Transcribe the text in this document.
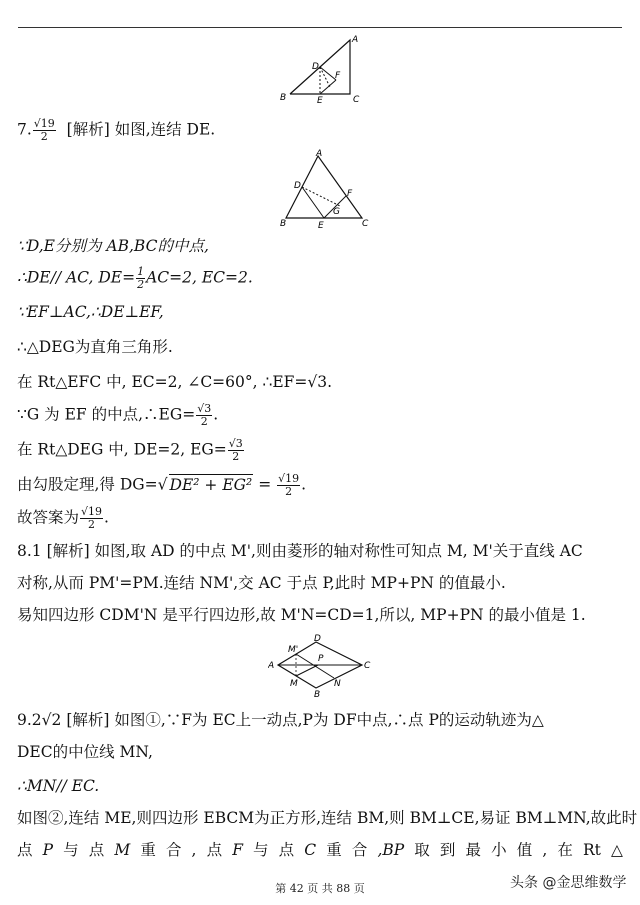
A
B	C
D
E
F
7. $\frac{√19}{2}$ [解析] 如图,连结 DE.
A
B	C
D
E
F
G
∵D,E分别为 AB,BC的中点,
∴DE// AC, $DE= \frac{1}{2} AC=2$, EC=2.
∵EF⊥AC,∴DE⊥EF,
∴△DEG为直角三角形.
在 Rt△EFC 中, EC=2, ∠C=60°, ∴EF=√3.
∵G 为 EF 的中点,∴EG= $\frac{√3}{2}$ .
在 Rt△DEG 中, DE=2, $EG= \frac{√3}{2}$
由勾股定理,得 DG=√ $DE^2 + EG^2 = \frac{√19}{2}$ .
故答案为 $\frac{√19}{2}$ .
8.1 [解析] 如图,取 AD 的中点 M',则由菱形的轴对称性可知点 M, M'关于直线 AC
对称,从而 PM'=PM.连结 NM',交 AC 于点 P,此时 MP+PN 的值最小.
易知四边形 CDM'N 是平行四边形,故 M'N=CD=1,所以, MP+PN 的最小值是 1.
A
D
C
B
M'
M	N
P
9.2√2 [解析] 如图①,∵F为 EC上一动点,P为 DF中点,∴点 P的运动轨迹为△
DEC的中位线 MN,
∴MN// EC.
如图②,连结 ME,则四边形 EBCM为正方形,连结 BM,则 BM⊥CE,易证 BM⊥MN,故此时
点 P 与 点 M 重 合 , 点 F 与 点 C 重 合 ,BP 取 到 最 小 值 , 在 Rt △
第 42 页 共 88 页	头条 @金思维数学
